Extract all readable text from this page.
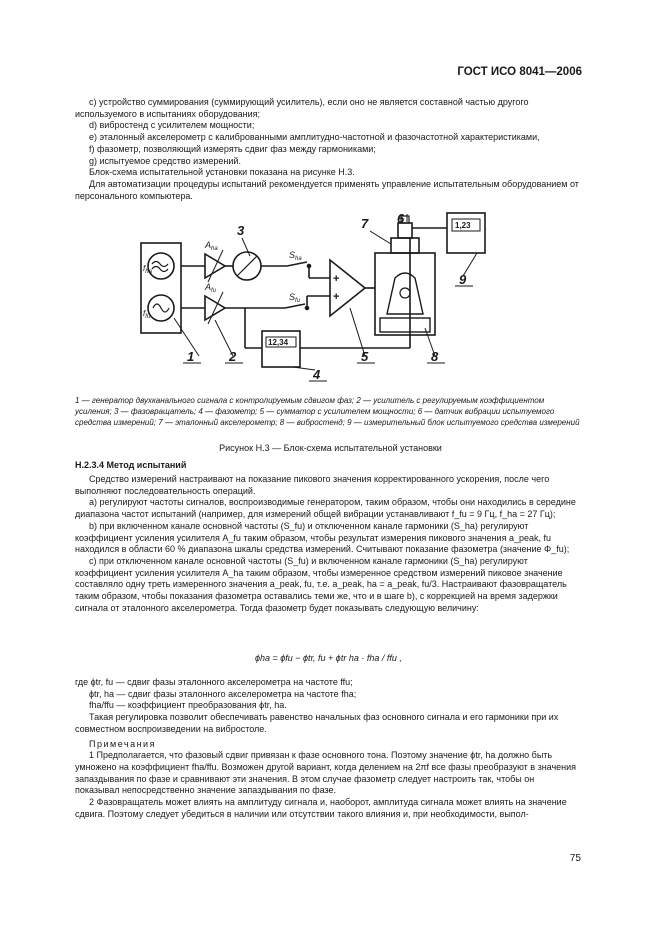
ГОСТ ИСО 8041—2006

c) устройство суммирования (суммирующий усилитель), если оно не является составной частью другого используемого в испытаниях оборудования;

d) вибростенд с усилителем мощности;

e) эталонный акселерометр с калиброванными амплитудно-частотной и фазочастотной характеристиками,

f) фазометр, позволяющий измерять сдвиг фаз между гармониками;

g) испытуемое средство измерений.

Блок-схема испытательной установки показана на рисунке Н.3.

Для автоматизации процедуры испытаний рекомендуется применять управление испытательным оборудованием от персонального компьютера.

$f_{ha}$
$f_{fu}$
$A_{ha}$
$A_{fu}$
$S_{ha}$
$S_{fu}$
+
+
12,34
1,23
1	2
3
4
5
6
7
8
9
1 — генератор двухканального сигнала с контролируемым сдвигом фаз; 2 — усилитель с регулируемым коэффициентом усиления; 3 — фазовращатель; 4 — фазометр; 5 — сумматор с усилителем мощности; 6 — датчик вибрации испытуемого средства измерений; 7 — эталонный акселерометр; 8 — вибростенд; 9 — измерительный блок испытуемого средства измерений
Рисунок Н.3 — Блок-схема испытательной установки
Н.2.3.4 Метод испытаний

Средство измерений настраивают на показание пикового значения корректированного ускорения, после чего выполняют последовательность операций.

a) регулируют частоты сигналов, воспроизводимые генератором, таким образом, чтобы они находились в середине диапазона частот испытаний (например, для измерений общей вибрации устанавливают f_fu = 9 Гц, f_ha = 27 Гц);

b) при включенном канале основной частоты (S_fu) и отключенном канале гармоники (S_ha) регулируют коэффициент усиления усилителя A_fu таким образом, чтобы результат измерения пикового значения a_peak, fu находился в области 60 % диапазона шкалы средства измерений. Считывают показание фазометра (значение Φ_fu);

c) при отключенном канале основной частоты (S_fu) и включенном канале гармоники (S_ha) регулируют коэффициент усиления усилителя A_ha таким образом, чтобы измеренное средством измерений пиковое значение составляло одну треть измеренного значения a_peak, fu, т.е. a_peak, ha = a_peak, fu/3. Настраивают фазовращатель таким образом, чтобы показания фазометра оставались теми же, что и в шаге b), с коррекцией на время задержки сигнала от эталонного акселерометра. Тогда фазометр будет показывать следующую величину:

ϕha = ϕfu − ϕtr, fu + ϕtr ha · fha / ffu ,

где ϕtr, fu — сдвиг фазы эталонного акселерометра на частоте ffu;

ϕtr, ha — сдвиг фазы эталонного акселерометра на частоте fha;

fha/ffu — коэффициент преобразования ϕtr, ha.

Такая регулировка позволит обеспечивать равенство начальных фаз основного сигнала и его гармоники при их совместном воспроизведении на вибростоле.

Примечания

1 Предполагается, что фазовый сдвиг привязан к фазе основного тона. Поэтому значение ϕtr, ha должно быть умножено на коэффициент fha/ffu. Возможен другой вариант, когда делением на 2πf все фазы преобразуют в значения запаздывания по фазе и сравнивают эти значения. В этом случае фазометр следует настроить так, чтобы он показывал непосредственно значение запаздывания по фазе.

2 Фазовращатель может влиять на амплитуду сигнала и, наоборот, амплитуда сигнала может влиять на значение сдвига. Поэтому следует убедиться в наличии или отсутствии такого влияния и, при необходимости, выпол-

75
